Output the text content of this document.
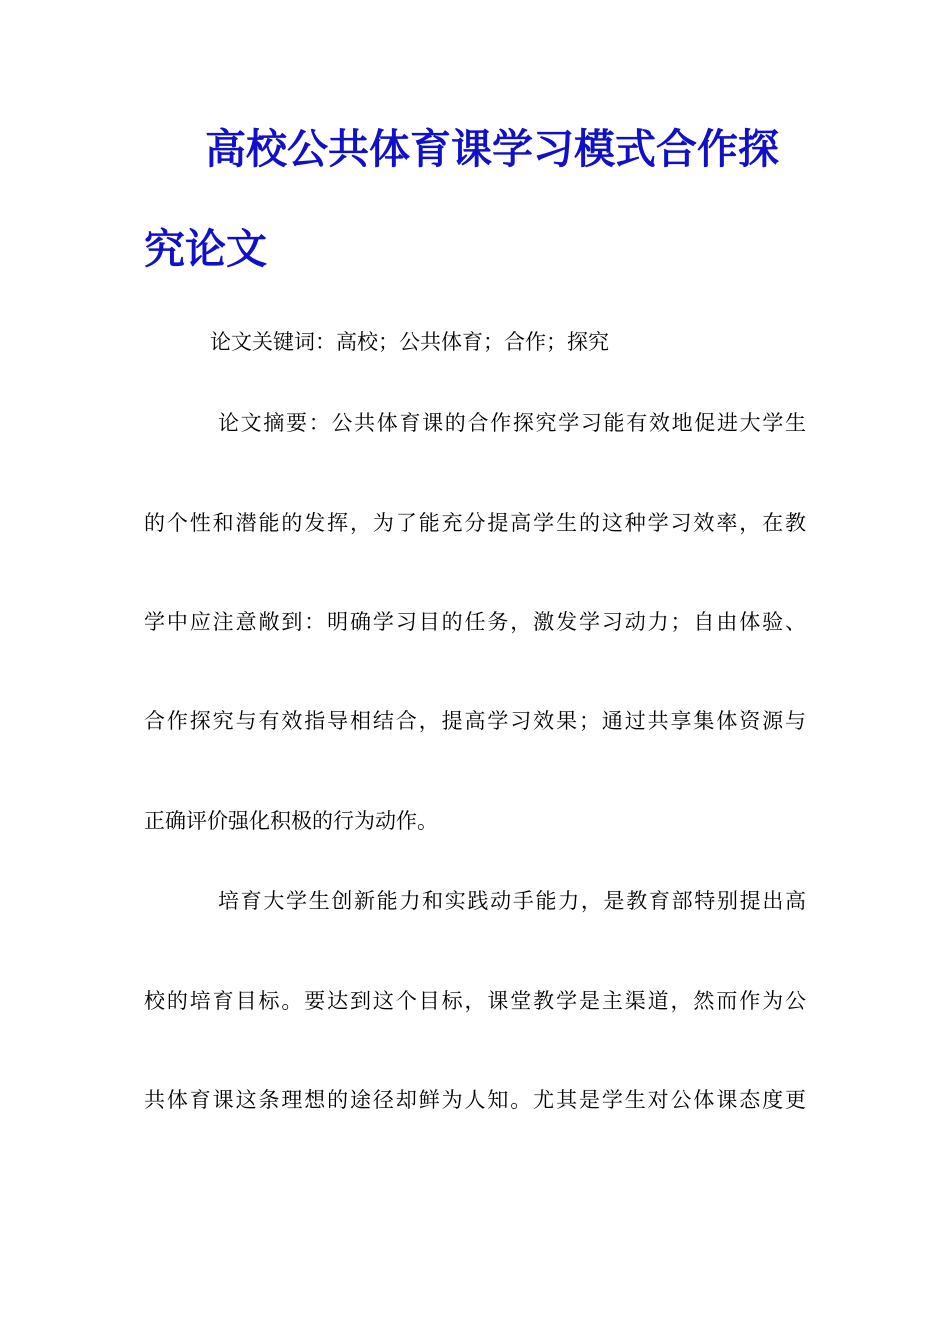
高校公共体育课学习模式合作探
究论文

论文关键词：高校；公共体育；合作；探究

论文摘要：公共体育课的合作探究学习能有效地促进大学生

的个性和潜能的发挥，为了能充分提高学生的这种学习效率，在教

学中应注意敞到：明确学习目的任务，激发学习动力；自由体验、

合作探究与有效指导相结合，提高学习效果；通过共享集体资源与

正确评价强化积极的行为动作。

培育大学生创新能力和实践动手能力，是教育部特别提出高

校的培育目标。要达到这个目标，课堂教学是主渠道，然而作为公

共体育课这条理想的途径却鲜为人知。尤其是学生对公体课态度更
